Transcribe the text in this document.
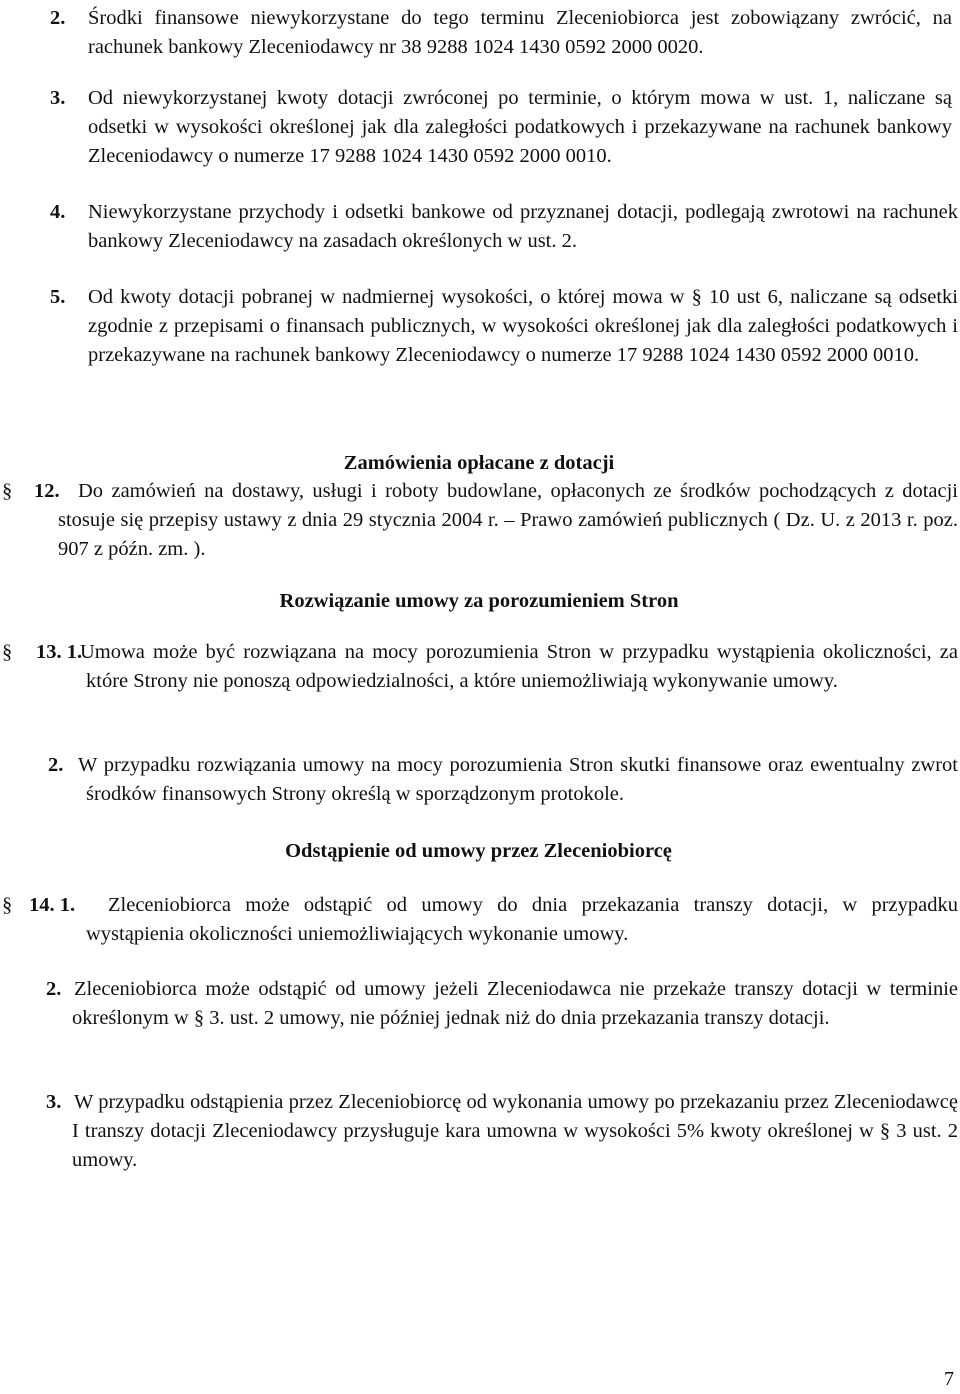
2. Środki finansowe niewykorzystane do tego terminu Zleceniobiorca jest zobowiązany zwrócić, na rachunek bankowy Zleceniodawcy nr 38 9288 1024 1430 0592 2000 0020.
3. Od niewykorzystanej kwoty dotacji zwróconej po terminie, o którym mowa w ust. 1, naliczane są odsetki w wysokości określonej jak dla zaległości podatkowych i przekazywane na rachunek bankowy Zleceniodawcy o numerze 17 9288 1024 1430 0592 2000 0010.
4. Niewykorzystane przychody i odsetki bankowe od przyznanej dotacji, podlegają zwrotowi na rachunek bankowy Zleceniodawcy na zasadach określonych w ust. 2.
5. Od kwoty dotacji pobranej w nadmiernej wysokości, o której mowa w § 10 ust 6, naliczane są odsetki zgodnie z przepisami o finansach publicznych, w wysokości określonej jak dla zaległości podatkowych i przekazywane na rachunek bankowy Zleceniodawcy o numerze 17 9288 1024 1430 0592 2000 0010.
Zamówienia opłacane z dotacji
§ 12. Do zamówień na dostawy, usługi i roboty budowlane, opłaconych ze środków pochodzących z dotacji stosuje się przepisy ustawy z dnia 29 stycznia 2004 r. – Prawo zamówień publicznych ( Dz. U. z 2013 r. poz. 907 z późn. zm. ).
Rozwiązanie umowy za porozumieniem Stron
§ 13. 1.
Umowa może być rozwiązana na mocy porozumienia Stron w przypadku wystąpienia okoliczności, za które Strony nie ponoszą odpowiedzialności, a które uniemożliwiają wykonywanie umowy.
2. W przypadku rozwiązania umowy na mocy porozumienia Stron skutki finansowe oraz ewentualny zwrot środków finansowych Strony określą w sporządzonym protokole.
Odstąpienie od umowy przez Zleceniobiorcę
§ 14. 1.	Zleceniobiorca może odstąpić od umowy do dnia przekazania transzy dotacji, w przypadku wystąpienia okoliczności uniemożliwiających wykonanie umowy.
2. Zleceniobiorca może odstąpić od umowy jeżeli Zleceniodawca nie przekaże transzy dotacji w terminie określonym w § 3. ust. 2 umowy, nie później jednak niż do dnia przekazania transzy dotacji.
3. W przypadku odstąpienia przez Zleceniobiorcę od wykonania umowy po przekazaniu przez Zleceniodawcę I transzy dotacji Zleceniodawcy przysługuje kara umowna w wysokości 5% kwoty określonej w § 3 ust. 2 umowy.
7
